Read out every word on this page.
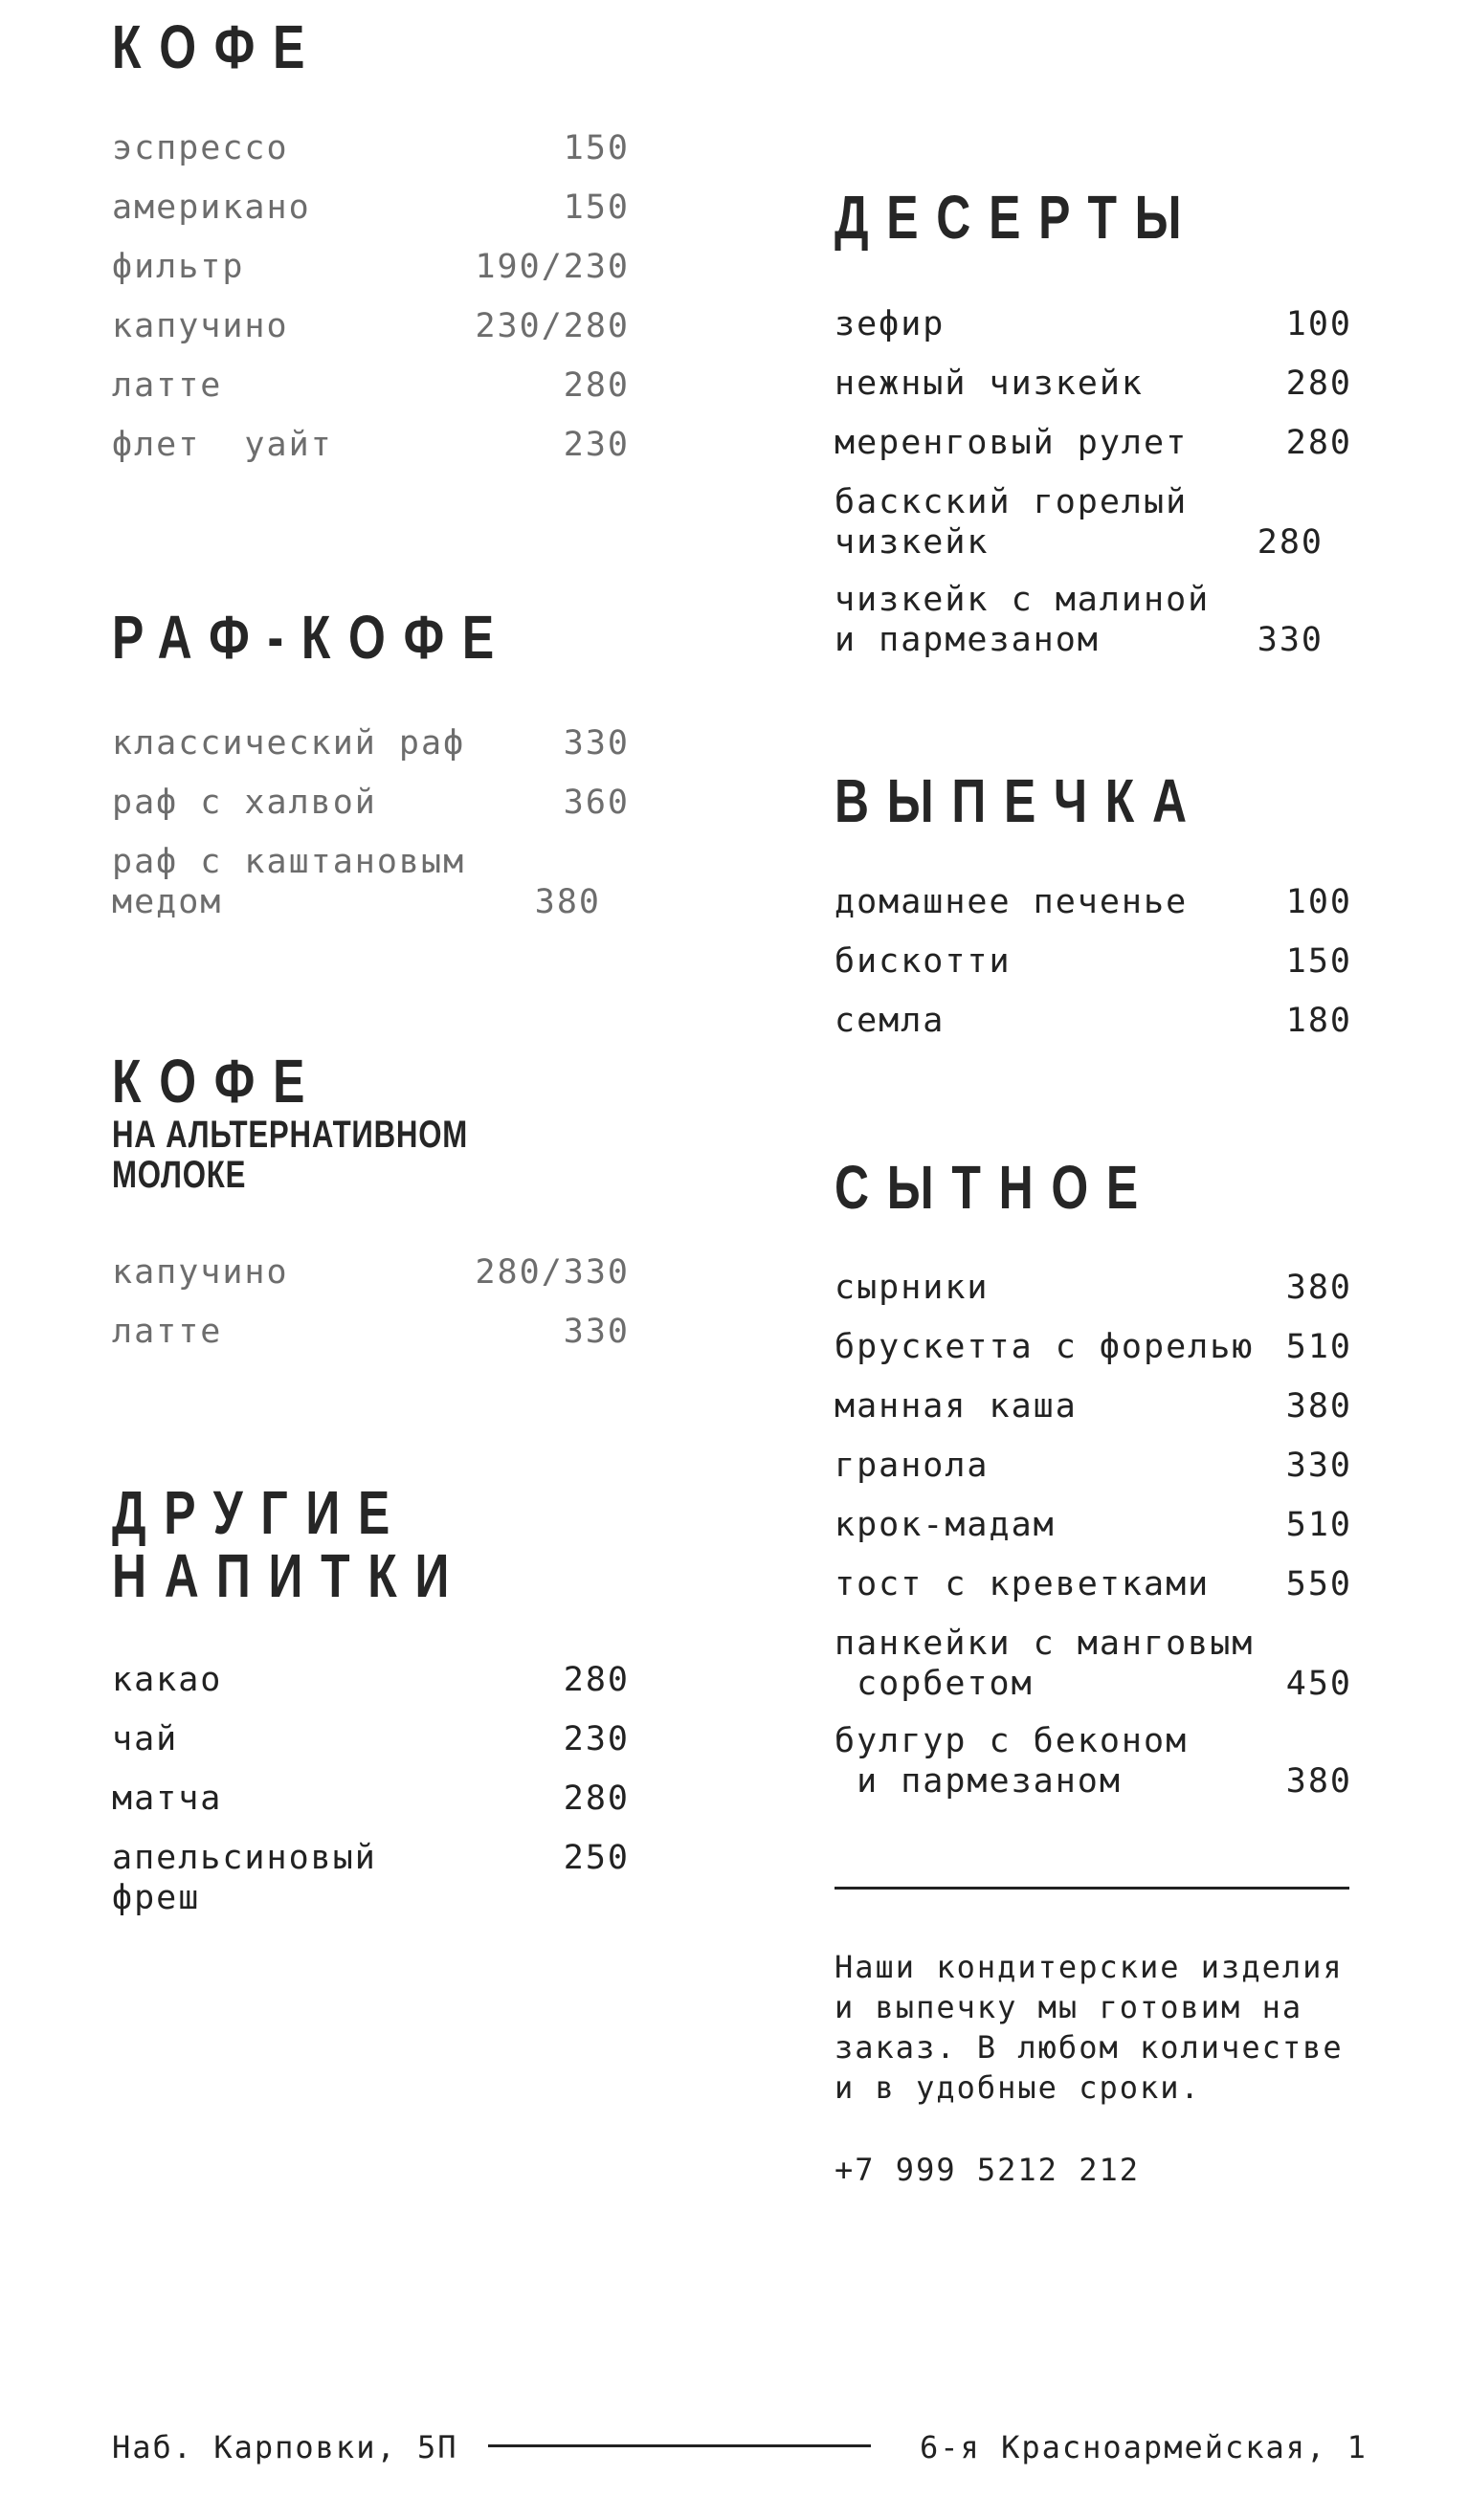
КОФЕ
эспрессо	150
американо	150
фильтр	190/230
капучино	230/280
латте	280
флет  уайт	230
РАФ-КОФЕ
классический раф	330
раф с халвой	360
раф с каштановым
медом	380
КОФЕ
НА АЛЬТЕРНАТИВНОМ
МОЛОКЕ
капучино	280/330
латте	330
ДРУГИЕ
НАПИТКИ
какао	280
чай	230
матча	280
апельсиновый
фреш
250
ДЕСЕРТЫ
зефир	100
нежный чизкейк	280
меренговый рулет	280
баскский горелый
чизкейк	280
чизкейк с малиной
и пармезаном	330
ВЫПЕЧКА
домашнее печенье	100
бискотти	150
семла	180
СЫТНОЕ
сырники	380
брускетта с форелью 510
манная каша	380
гранола	330
крок-мадам	510
тост с креветками	550
панкейки с манговым
сорбетом	450
булгур с беконом
и пармезаном	380

Наши кондитерские изделия
и выпечку мы готовим на
заказ. В любом количестве
и в удобные сроки.

+7 999 5212 212

Наб. Карповки, 5П	6-я Красноармейская, 1
